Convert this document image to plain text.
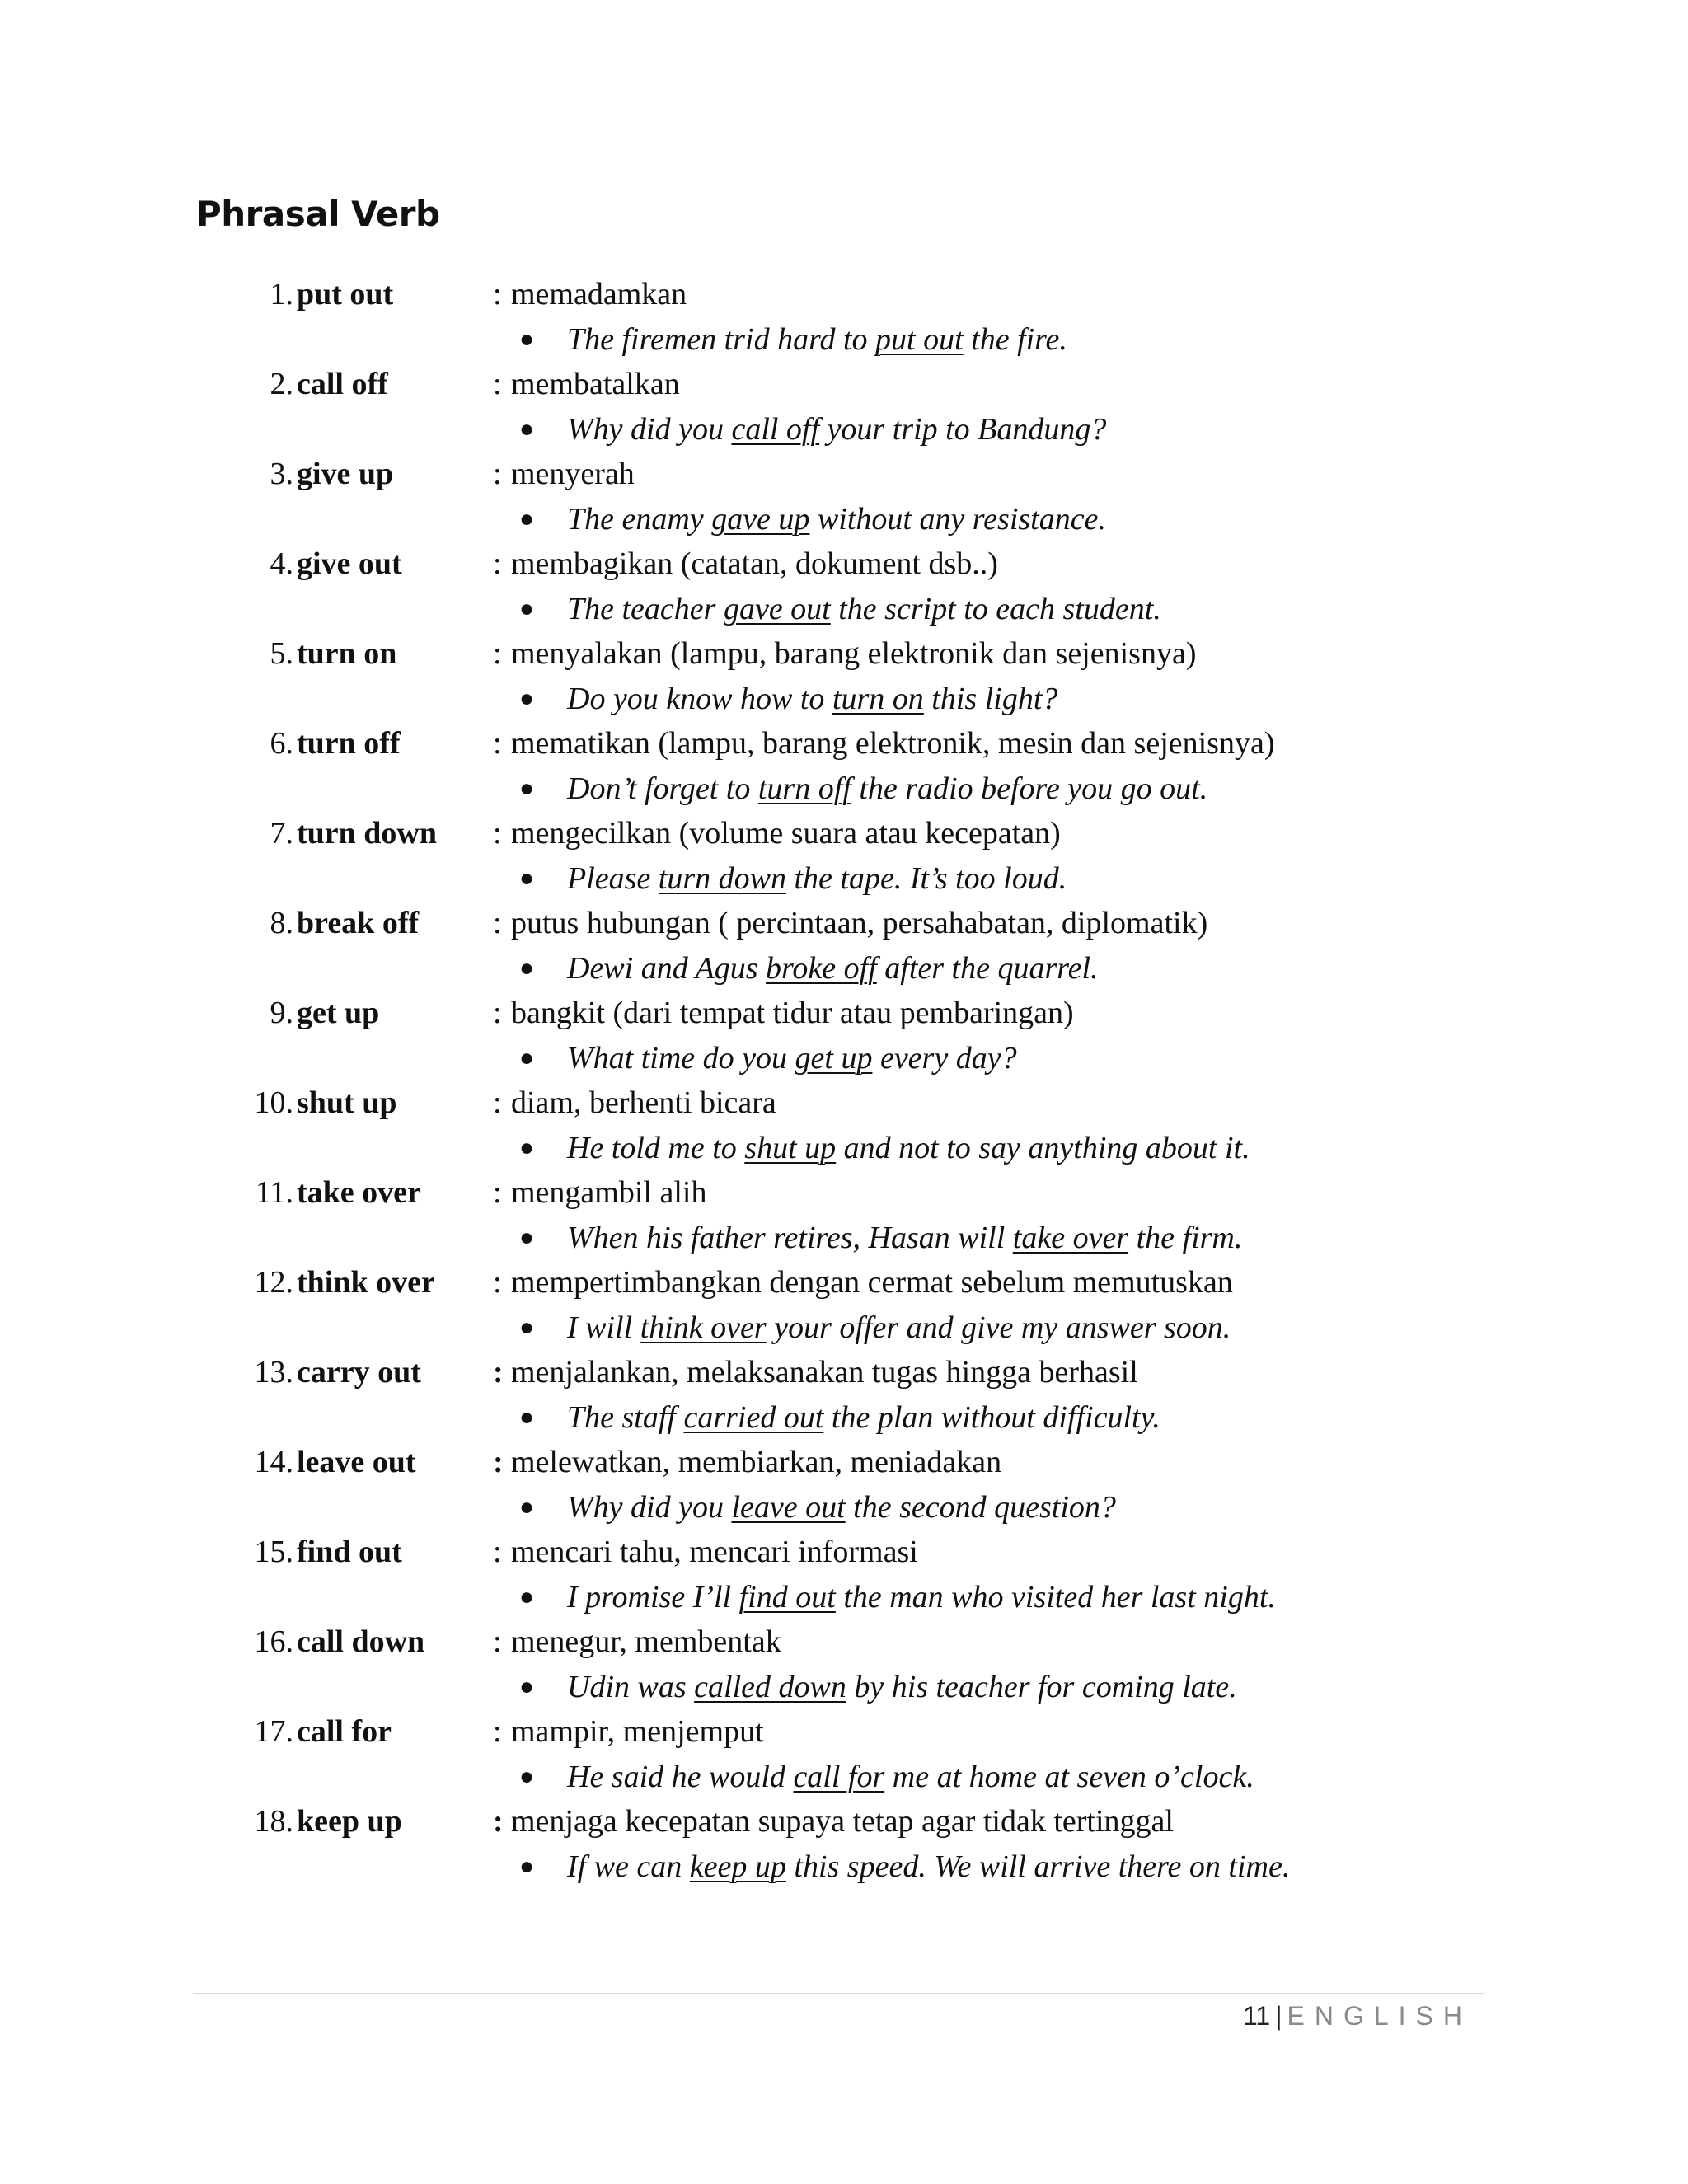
Phrasal Verb
1. put out	: memadamkan
● The firemen trid hard to put out the fire.
2. call off	: membatalkan
● Why did you call off your trip to Bandung?
3. give up	: menyerah
● The enamy gave up without any resistance.
4. give out	: membagikan (catatan, dokument dsb..)
● The teacher gave out the script to each student.
5. turn on	: menyalakan (lampu, barang elektronik dan sejenisnya)
● Do you know how to turn on this light?
6. turn off	: mematikan (lampu, barang elektronik, mesin dan sejenisnya)
● Don’t forget to turn off the radio before you go out.
7. turn down : mengecilkan (volume suara atau kecepatan)
● Please turn down the tape. It’s too loud.
8. break off : putus hubungan ( percintaan, persahabatan, diplomatik)
● Dewi and Agus broke off after the quarrel.
9. get up	: bangkit (dari tempat tidur atau pembaringan)
● What time do you get up every day?
10. shut up	: diam, berhenti bicara
● He told me to shut up and not to say anything about it.
11. take over : mengambil alih
● When his father retires, Hasan will take over the firm.
12. think over : mempertimbangkan dengan cermat sebelum memutuskan
● I will think over your offer and give my answer soon.
13. carry out : menjalankan, melaksanakan tugas hingga berhasil
● The staff carried out the plan without difficulty.
14. leave out : melewatkan, membiarkan, meniadakan
● Why did you leave out the second question?
15. find out	: mencari tahu, mencari informasi
● I promise I’ll find out the man who visited her last night.
16. call down : menegur, membentak
● Udin was called down by his teacher for coming late.
17. call for	: mampir, menjemput
● He said he would call for me at home at seven o’clock.
18. keep up	: menjaga kecepatan supaya tetap agar tidak tertinggal
● If we can keep up this speed. We will arrive there on time.
11 | ENGLISH
